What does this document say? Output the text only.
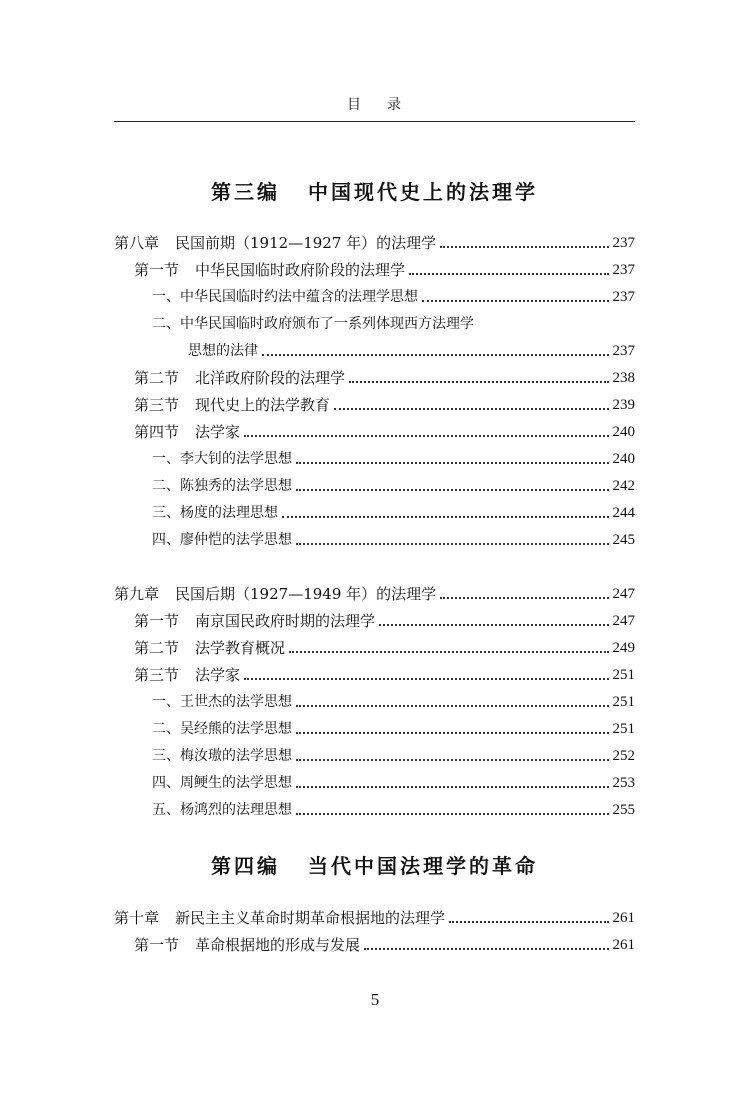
目录
第三编 中国现代史上的法理学
第八章 民国前期（1912—1927 年）的法理学	237
第一节 中华民国临时政府阶段的法理学	237
一、中华民国临时约法中蕴含的法理学思想	237
二、中华民国临时政府颁布了一系列体现西方法理学
思想的法律	237
第二节 北洋政府阶段的法理学	238
第三节 现代史上的法学教育	239
第四节 法学家	240
一、李大钊的法学思想	240
二、陈独秀的法学思想	242
三、杨度的法理思想	244
四、廖仲恺的法学思想	245
第九章 民国后期（1927—1949 年）的法理学	247
第一节 南京国民政府时期的法理学	247
第二节 法学教育概况	249
第三节 法学家	251
一、王世杰的法学思想	251
二、吴经熊的法学思想	251
三、梅汝璈的法学思想	252
四、周鲠生的法学思想	253
五、杨鸿烈的法理思想	255
第四编 当代中国法理学的革命
第十章 新民主主义革命时期革命根据地的法理学	261
第一节 革命根据地的形成与发展	261
5
